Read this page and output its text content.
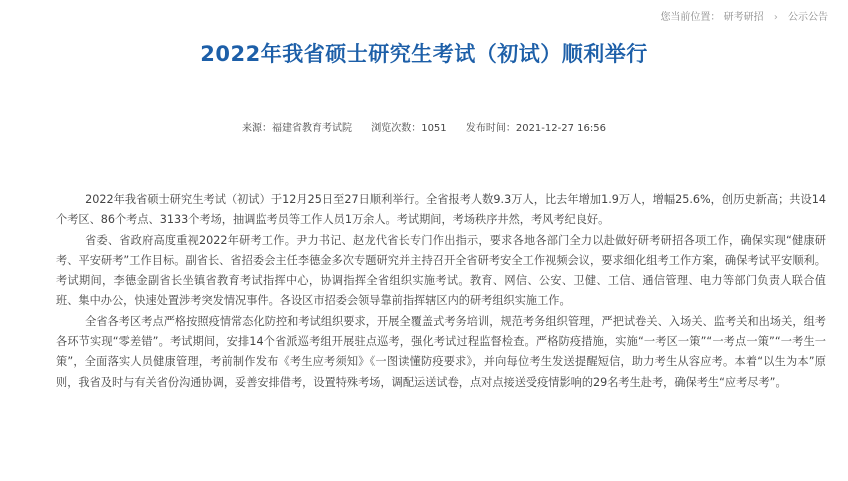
您当前位置： 研考研招 › 公示公告
2022年我省硕士研究生考试（初试）顺利举行
来源：福建省教育考试院 浏览次数：1051 发布时间：2021-12-27 16:56

2022年我省硕士研究生考试（初试）于12月25日至27日顺利举行。全省报考人数9.3万人，比去年增加1.9万人，增幅25.6%，创历史新高；共设14个考区、86个考点、3133个考场，抽调监考员等工作人员1万余人。考试期间，考场秩序井然，考风考纪良好。

省委、省政府高度重视2022年研考工作。尹力书记、赵龙代省长专门作出指示，要求各地各部门全力以赴做好研考研招各项工作，确保实现“健康研考、平安研考”工作目标。副省长、省招委会主任李德金多次专题研究并主持召开全省研考安全工作视频会议，要求细化组考工作方案，确保考试平安顺利。考试期间，李德金副省长坐镇省教育考试指挥中心，协调指挥全省组织实施考试。教育、网信、公安、卫健、工信、通信管理、电力等部门负责人联合值班、集中办公，快速处置涉考突发情况事件。各设区市招委会领导靠前指挥辖区内的研考组织实施工作。

全省各考区考点严格按照疫情常态化防控和考试组织要求，开展全覆盖式考务培训，规范考务组织管理，严把试卷关、入场关、监考关和出场关，组考各环节实现“零差错”。考试期间，安排14个省派巡考组开展驻点巡考，强化考试过程监督检查。严格防疫措施，实施“一考区一策”“一考点一策”“一考生一策”，全面落实人员健康管理，考前制作发布《考生应考须知》《一图读懂防疫要求》，并向每位考生发送提醒短信，助力考生从容应考。本着“以生为本”原则，我省及时与有关省份沟通协调，妥善安排借考，设置特殊考场，调配运送试卷，点对点接送受疫情影响的29名考生赴考，确保考生“应考尽考”。
